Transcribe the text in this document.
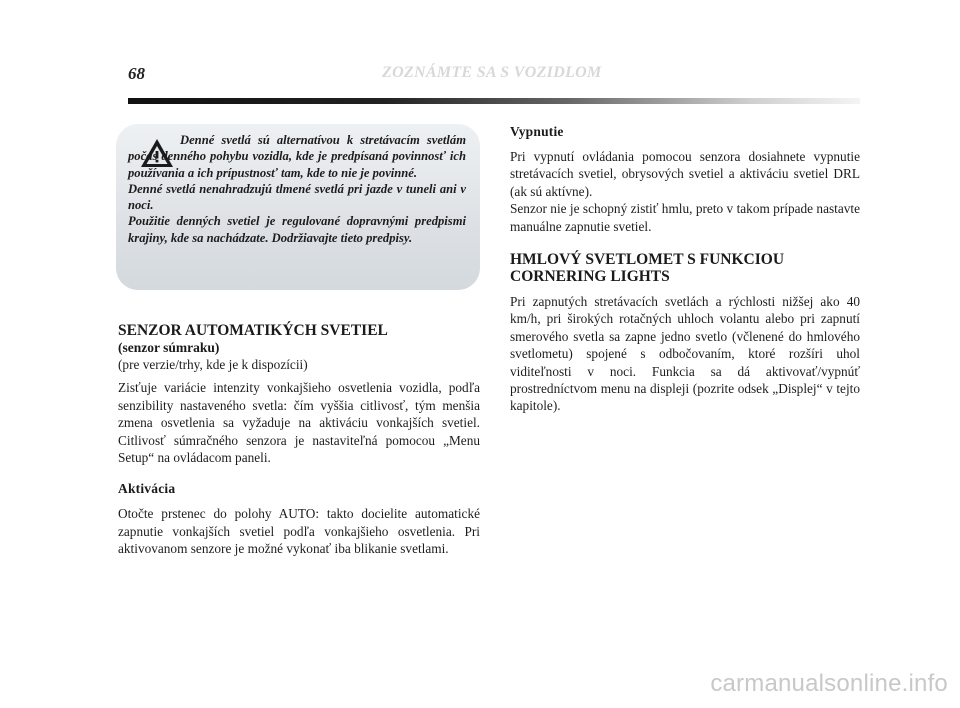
68	ZOZNÁMTE SA S VOZIDLOM

Denné svetlá sú alternatívou k stretávacím svetlám počas denného pohybu vozidla, kde je predpísaná povinnosť ich používania a ich prípustnosť tam, kde to nie je povinné.

Denné svetlá nenahradzujú tlmené svetlá pri jazde v tuneli ani v noci.

Použitie denných svetiel je regulované dopravnými predpismi krajiny, kde sa nachádzate. Dodržiavajte tieto predpisy.

SENZOR AUTOMATIKÝCH SVETIEL

(senzor súmraku)

(pre verzie/trhy, kde je k dispozícii)

Zisťuje variácie intenzity vonkajšieho osvetlenia vozidla, podľa senzibility nastaveného svetla: čím vyššia citlivosť, tým menšia zmena osvetlenia sa vyžaduje na aktiváciu vonkajších svetiel. Citlivosť súmračného senzora je nastaviteľná pomocou „Menu Setup“ na ovládacom paneli.

Aktivácia

Otočte prstenec do polohy AUTO: takto docielite automatické zapnutie vonkajších svetiel podľa vonkajšieho osvetlenia. Pri aktivovanom senzore je možné vykonať iba blikanie svetlami.

Vypnutie

Pri vypnutí ovládania pomocou senzora dosiahnete vypnutie stretávacích svetiel, obrysových svetiel a aktiváciu svetiel DRL (ak sú aktívne).

Senzor nie je schopný zistiť hmlu, preto v takom prípade nastavte manuálne zapnutie svetiel.

HMLOVÝ SVETLOMET S FUNKCIOU CORNERING LIGHTS

Pri zapnutých stretávacích svetlách a rýchlosti nižšej ako 40 km/h, pri širokých rotačných uhloch volantu alebo pri zapnutí smerového svetla sa zapne jedno svetlo (včlenené do hmlového svetlometu) spojené s odbočovaním, ktoré rozšíri uhol viditeľnosti v noci. Funkcia sa dá aktivovať/vypnúť prostredníctvom menu na displeji (pozrite odsek „Displej“ v tejto kapitole).

carmanualsonline.info
